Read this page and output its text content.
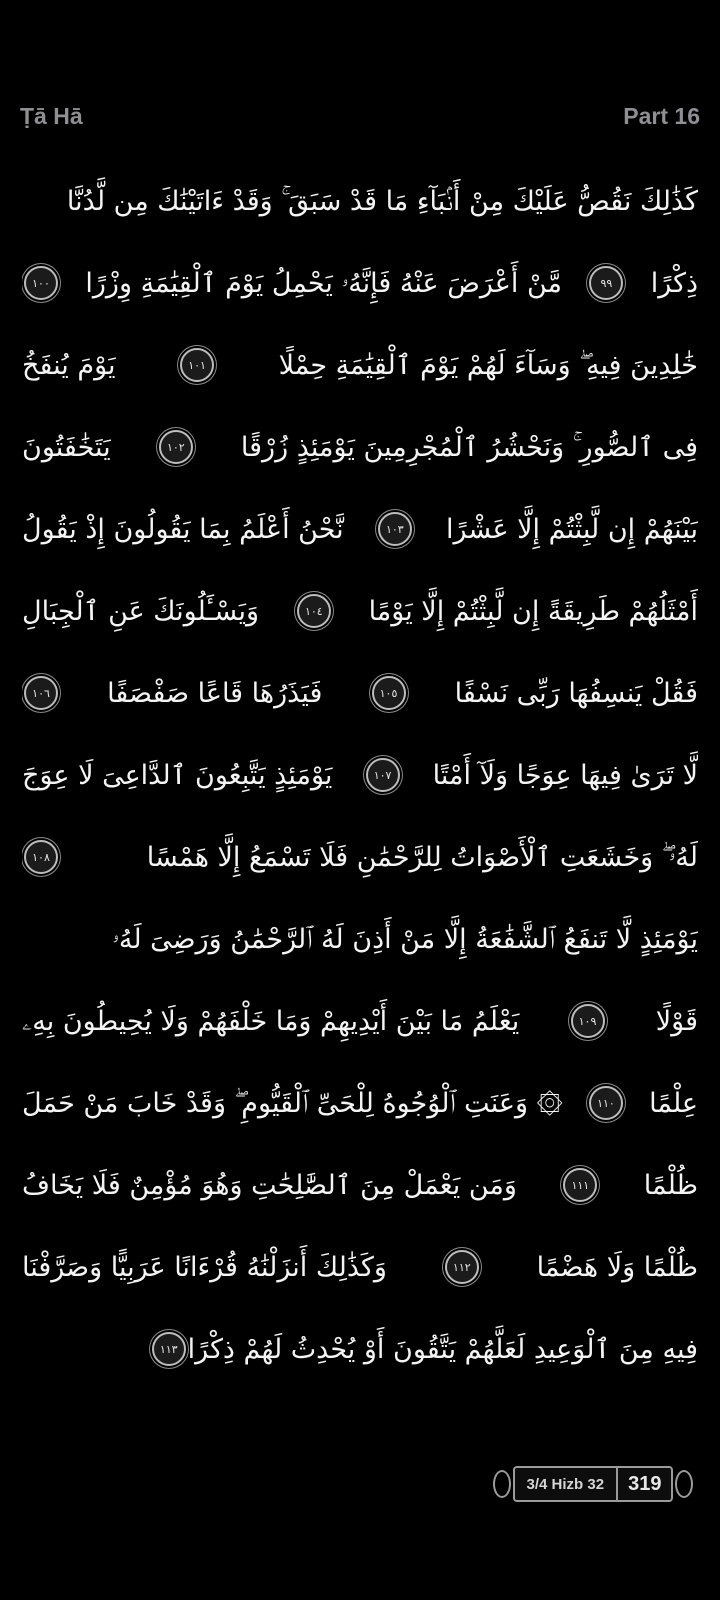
Ṭā Hā	Part 16
كَذَٰلِكَ نَقُصُّ عَلَيْكَ مِنْ أَنۢبَآءِ مَا قَدْ سَبَقَ ۚ وَقَدْ ءَاتَيْنَٰكَ مِن لَّدُنَّا
ذِكْرًا
٩٩
مَّنْ أَعْرَضَ عَنْهُ فَإِنَّهُۥ يَحْمِلُ يَوْمَ ٱلْقِيَٰمَةِ وِزْرًا
١٠٠
خَٰلِدِينَ فِيهِ ۖ وَسَآءَ لَهُمْ يَوْمَ ٱلْقِيَٰمَةِ حِمْلًا
١٠١
يَوْمَ يُنفَخُ
فِى ٱلصُّورِ ۚ وَنَحْشُرُ ٱلْمُجْرِمِينَ يَوْمَئِذٍ زُرْقًا
١٠٢
يَتَخَٰفَتُونَ
بَيْنَهُمْ إِن لَّبِثْتُمْ إِلَّا عَشْرًا
١٠٣
نَّحْنُ أَعْلَمُ بِمَا يَقُولُونَ إِذْ يَقُولُ
أَمْثَلُهُمْ طَرِيقَةً إِن لَّبِثْتُمْ إِلَّا يَوْمًا
١٠٤
وَيَسْـَٔلُونَكَ عَنِ ٱلْجِبَالِ
فَقُلْ يَنسِفُهَا رَبِّى نَسْفًا
١٠٥
فَيَذَرُهَا قَاعًا صَفْصَفًا
١٠٦
لَّا تَرَىٰ فِيهَا عِوَجًا وَلَآ أَمْتًا
١٠٧
يَوْمَئِذٍ يَتَّبِعُونَ ٱلدَّاعِىَ لَا عِوَجَ
لَهُۥ ۖ وَخَشَعَتِ ٱلْأَصْوَاتُ لِلرَّحْمَٰنِ فَلَا تَسْمَعُ إِلَّا هَمْسًا
١٠٨
يَوْمَئِذٍ لَّا تَنفَعُ ٱلشَّفَٰعَةُ إِلَّا مَنْ أَذِنَ لَهُ ٱلرَّحْمَٰنُ وَرَضِىَ لَهُۥ
قَوْلًا
١٠٩
يَعْلَمُ مَا بَيْنَ أَيْدِيهِمْ وَمَا خَلْفَهُمْ وَلَا يُحِيطُونَ بِهِۦ
عِلْمًا
١١٠
۞ وَعَنَتِ ٱلْوُجُوهُ لِلْحَىِّ ٱلْقَيُّومِ ۖ وَقَدْ خَابَ مَنْ حَمَلَ
ظُلْمًا
١١١
وَمَن يَعْمَلْ مِنَ ٱلصَّٰلِحَٰتِ وَهُوَ مُؤْمِنٌ فَلَا يَخَافُ
ظُلْمًا وَلَا هَضْمًا
١١٢
وَكَذَٰلِكَ أَنزَلْنَٰهُ قُرْءَانًا عَرَبِيًّا وَصَرَّفْنَا
فِيهِ مِنَ ٱلْوَعِيدِ لَعَلَّهُمْ يَتَّقُونَ أَوْ يُحْدِثُ لَهُمْ ذِكْرًا
١١٣
3/4 Hizb 32	319
